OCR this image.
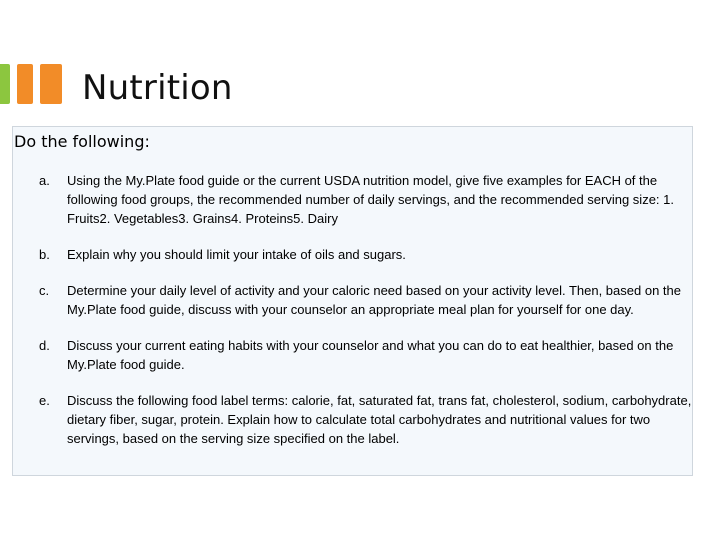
Nutrition

Do the following:

a. Using the My.Plate food guide or the current USDA nutrition model, give five examples for EACH of the following food groups, the recommended number of daily servings, and the recommended serving size: 1. Fruits2. Vegetables3. Grains4. Proteins5. Dairy
b. Explain why you should limit your intake of oils and sugars.
c. Determine your daily level of activity and your caloric need based on your activity level. Then, based on the My.Plate food guide, discuss with your counselor an appropriate meal plan for yourself for one day.
d. Discuss your current eating habits with your counselor and what you can do to eat healthier, based on the My.Plate food guide.
e. Discuss the following food label terms: calorie, fat, saturated fat, trans fat, cholesterol, sodium, carbohydrate, dietary fiber, sugar, protein. Explain how to calculate total carbohydrates and nutritional values for two servings, based on the serving size specified on the label.
